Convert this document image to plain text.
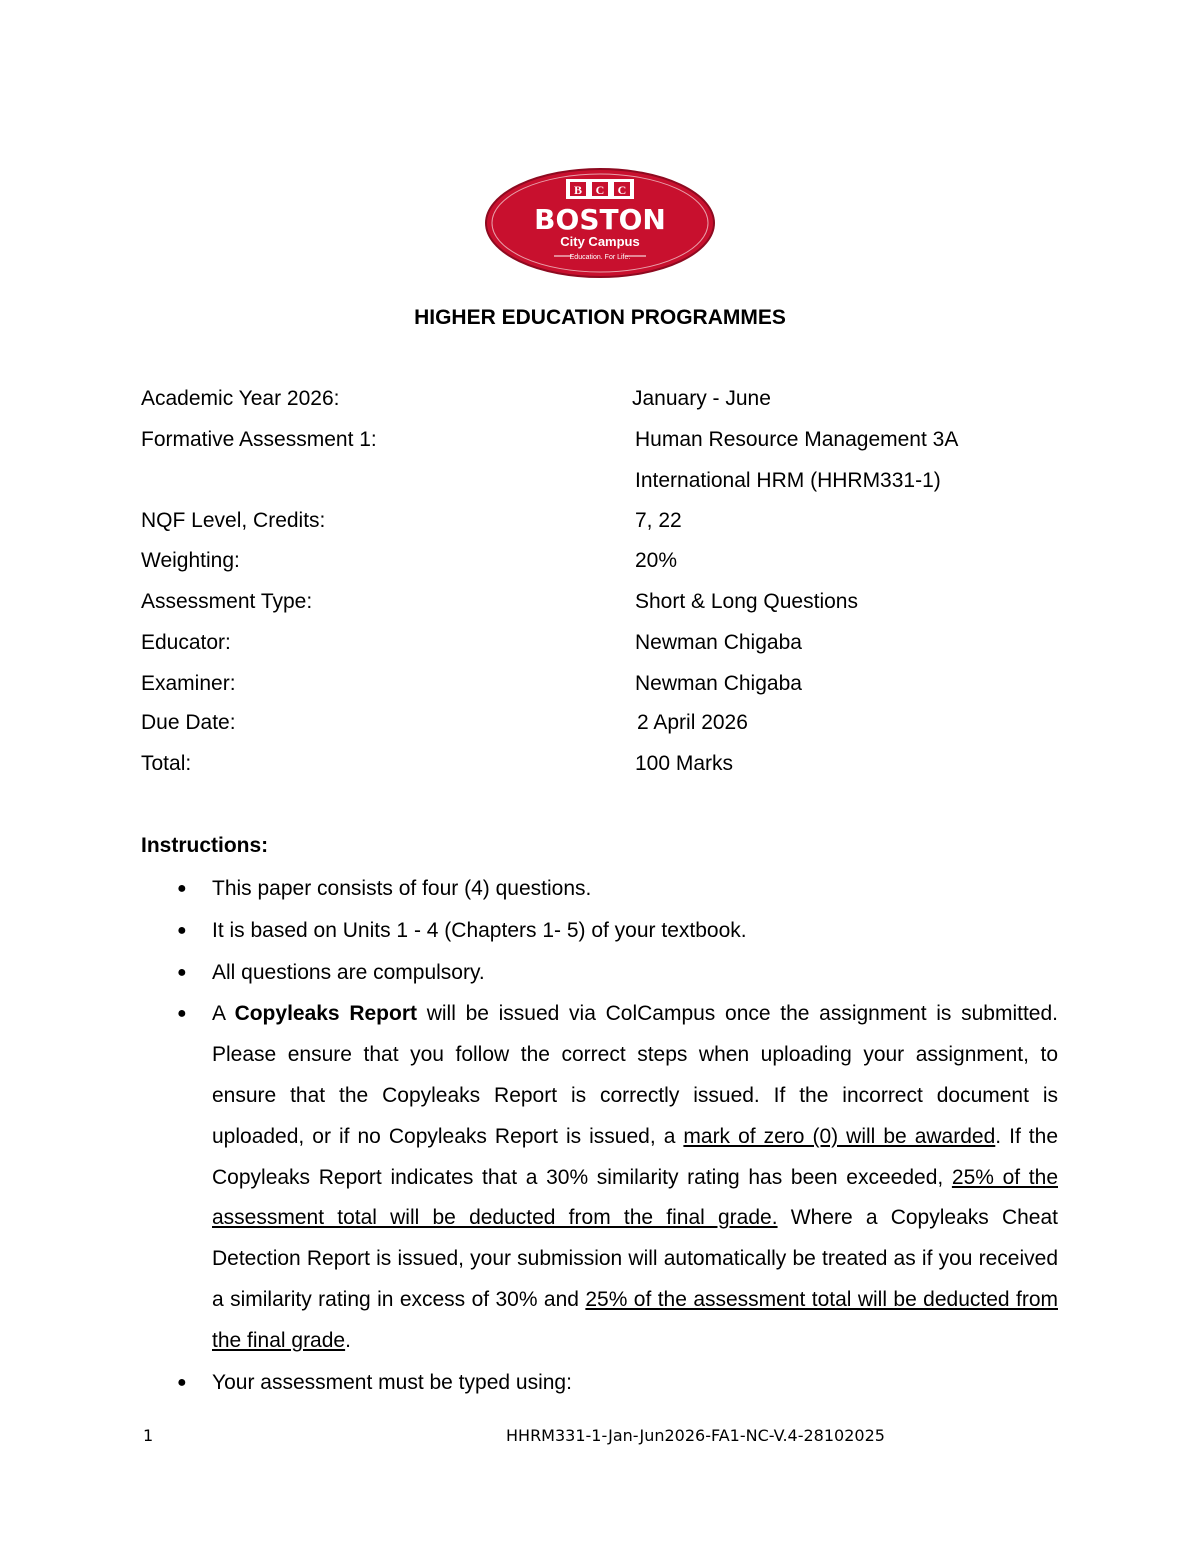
B C C
BOSTON
City Campus
Education. For Life.
HIGHER EDUCATION PROGRAMMES
Academic Year 2026:	January - June
Formative Assessment 1:	Human Resource Management 3A
International HRM (HHRM331-1)
NQF Level, Credits:	7, 22
Weighting:	20%
Assessment Type:	Short & Long Questions
Educator:	Newman Chigaba
Examiner:	Newman Chigaba
Due Date:	2 April 2026
Total:	100 Marks
Instructions:
● This paper consists of four (4) questions.
● It is based on Units 1 - 4 (Chapters 1- 5) of your textbook.
● All questions are compulsory.
● A Copyleaks Report will be issued via ColCampus once the assignment is submitted. Please ensure that you follow the correct steps when uploading your assignment, to ensure that the Copyleaks Report is correctly issued. If the incorrect document is uploaded, or if no Copyleaks Report is issued, a mark of zero (0) will be awarded. If the Copyleaks Report indicates that a 30% similarity rating has been exceeded, 25% of the assessment total will be deducted from the final grade. Where a Copyleaks Cheat Detection Report is issued, your submission will automatically be treated as if you received a similarity rating in excess of 30% and 25% of the assessment total will be deducted from the final grade.
● Your assessment must be typed using:
1	HHRM331-1-Jan-Jun2026-FA1-NC-V.4-28102025
